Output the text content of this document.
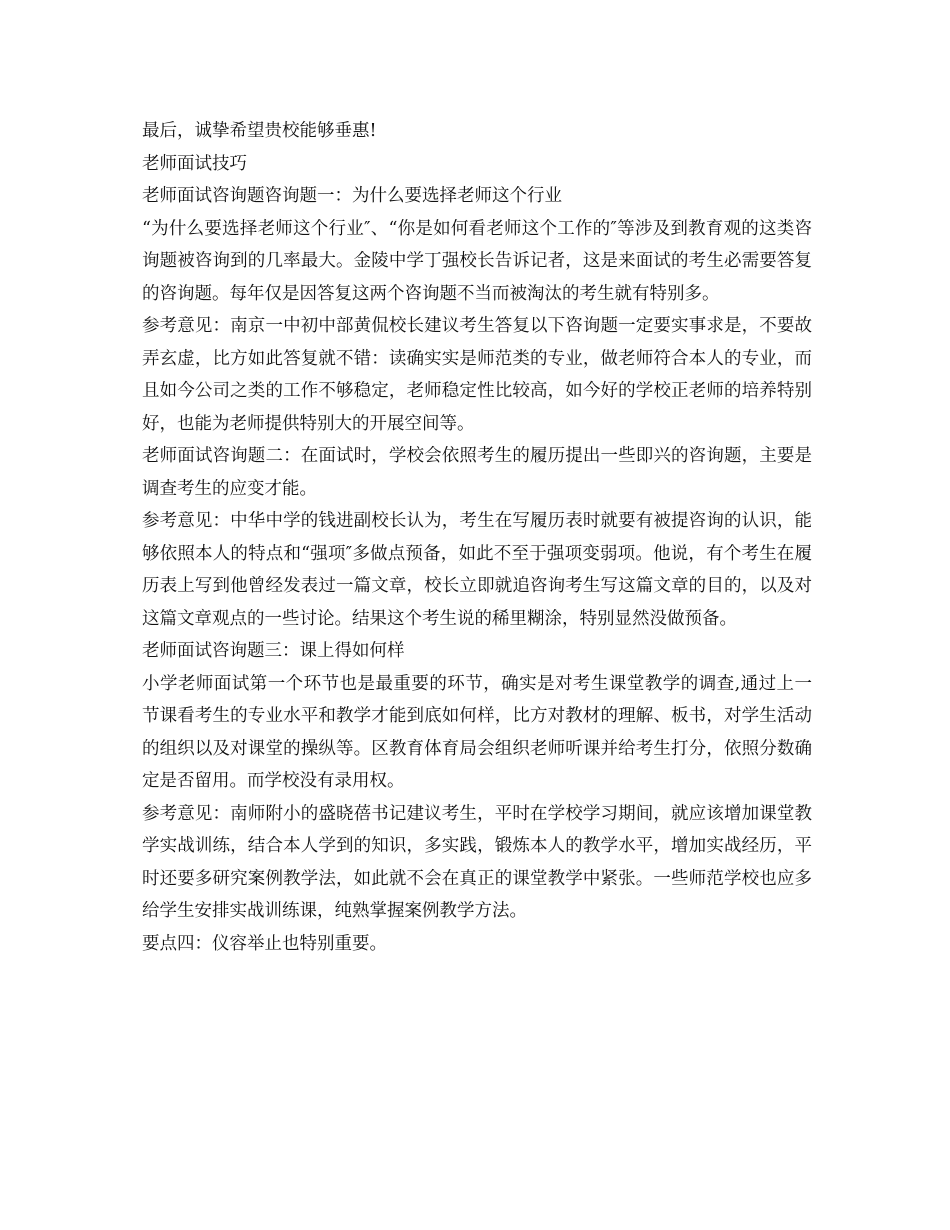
最后，诚挚希望贵校能够垂惠!

老师面试技巧

老师面试咨询题咨询题一：为什么要选择老师这个行业

“为什么要选择老师这个行业″、“你是如何看老师这个工作的″等涉及到教育观的这类咨询题被咨询到的几率最大。金陵中学丁强校长告诉记者，这是来面试的考生必需要答复的咨询题。每年仅是因答复这两个咨询题不当而被淘汰的考生就有特别多。

参考意见：南京一中初中部黄侃校长建议考生答复以下咨询题一定要实事求是，不要故弄玄虚，比方如此答复就不错：读确实实是师范类的专业，做老师符合本人的专业，而且如今公司之类的工作不够稳定，老师稳定性比较高，如今好的学校正老师的培养特别好，也能为老师提供特别大的开展空间等。

老师面试咨询题二：在面试时，学校会依照考生的履历提出一些即兴的咨询题，主要是调查考生的应变才能。

参考意见：中华中学的钱进副校长认为，考生在写履历表时就要有被提咨询的认识，能够依照本人的特点和“强项″多做点预备，如此不至于强项变弱项。他说，有个考生在履历表上写到他曾经发表过一篇文章，校长立即就追咨询考生写这篇文章的目的，以及对这篇文章观点的一些讨论。结果这个考生说的稀里糊涂，特别显然没做预备。

老师面试咨询题三：课上得如何样

小学老师面试第一个环节也是最重要的环节，确实是对考生课堂教学的调查,通过上一节课看考生的专业水平和教学才能到底如何样，比方对教材的理解、板书，对学生活动的组织以及对课堂的操纵等。区教育体育局会组织老师听课并给考生打分，依照分数确定是否留用。而学校没有录用权。

参考意见：南师附小的盛晓蓓书记建议考生，平时在学校学习期间，就应该增加课堂教学实战训练，结合本人学到的知识，多实践，锻炼本人的教学水平，增加实战经历，平时还要多研究案例教学法，如此就不会在真正的课堂教学中紧张。一些师范学校也应多给学生安排实战训练课，纯熟掌握案例教学方法。

要点四：仪容举止也特别重要。
